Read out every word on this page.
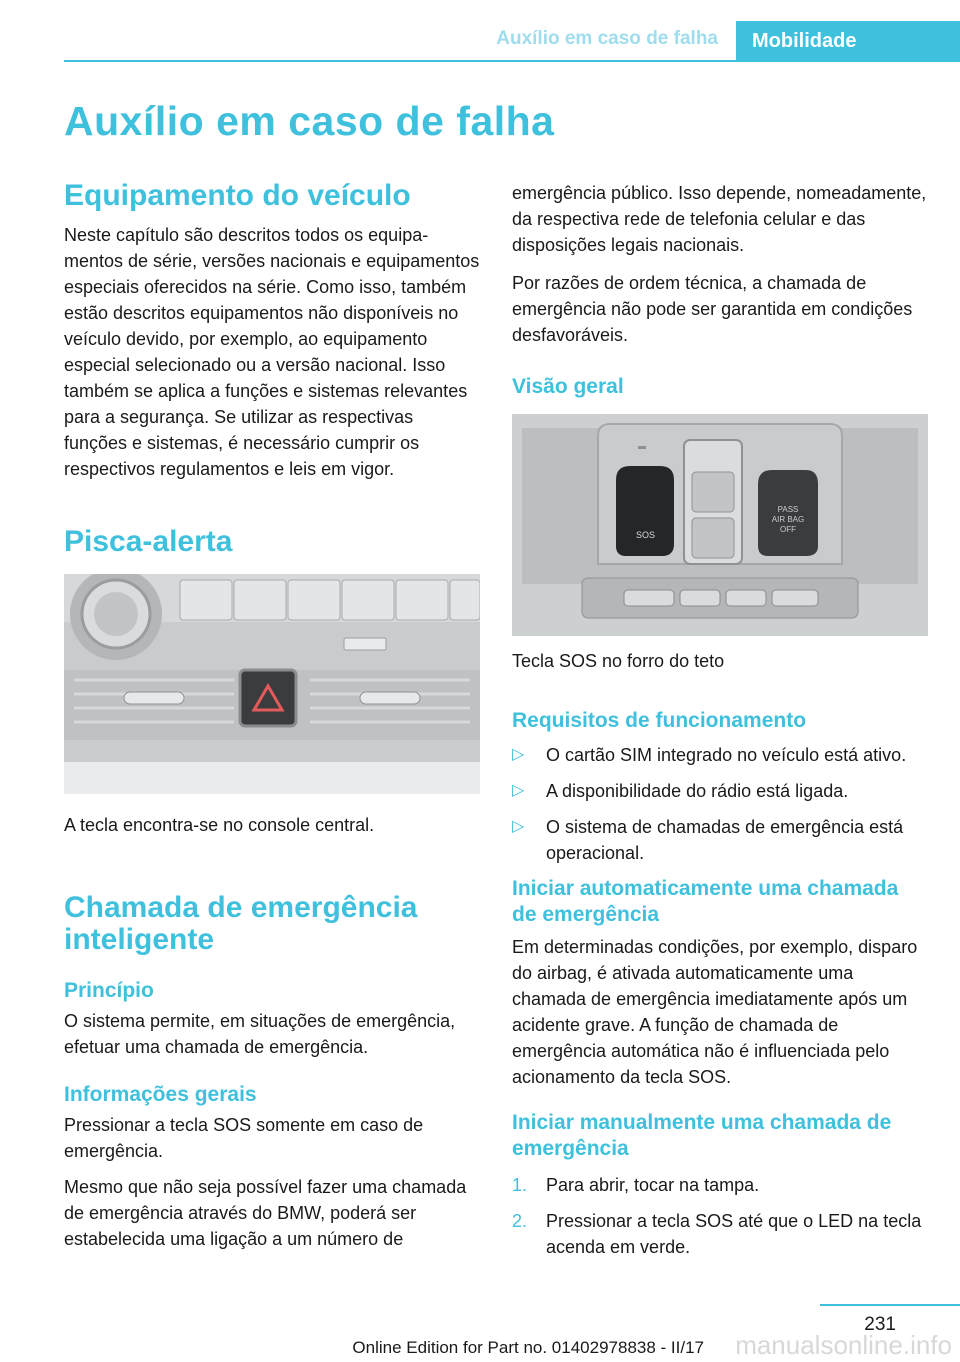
Auxílio em caso de falha	Mobilidade
Auxílio em caso de falha
Equipamento do veículo

Neste capítulo são descritos todos os equipamentos de série, versões nacionais e equipamentos especiais oferecidos na série. Como isso, também estão descritos equipamentos não disponíveis no veículo devido, por exemplo, ao equipamento especial selecionado ou a versão nacional. Isso também se aplica a funções e sistemas relevantes para a segurança. Se utilizar as respectivas funções e sistemas, é necessário cumprir os respectivos regulamentos e leis em vigor.

Pisca-alerta

A tecla encontra-se no console central.

Chamada de emergência inteligente
Princípio

O sistema permite, em situações de emergência, efetuar uma chamada de emergência.

Informações gerais

Pressionar a tecla SOS somente em caso de emergência.

Mesmo que não seja possível fazer uma chamada de emergência através do BMW, poderá ser estabelecida uma ligação a um número de

emergência público. Isso depende, nomeadamente, da respectiva rede de telefonia celular e das disposições legais nacionais.

Por razões de ordem técnica, a chamada de emergência não pode ser garantida em condições desfavoráveis.

Visão geral
SOS
PASS
AIR BAG
OFF

Tecla SOS no forro do teto

Requisitos de funcionamento
▷ O cartão SIM integrado no veículo está ativo.
▷ A disponibilidade do rádio está ligada.
▷ O sistema de chamadas de emergência está operacional.
Iniciar automaticamente uma chamada de emergência

Em determinadas condições, por exemplo, disparo do airbag, é ativada automaticamente uma chamada de emergência imediatamente após um acidente grave. A função de chamada de emergência automática não é influenciada pelo acionamento da tecla SOS.

Iniciar manualmente uma chamada de emergência
1. Para abrir, tocar na tampa.
2. Pressionar a tecla SOS até que o LED na tecla acenda em verde.
231
Online Edition for Part no. 01402978838 - II/17 manualsonline.info
